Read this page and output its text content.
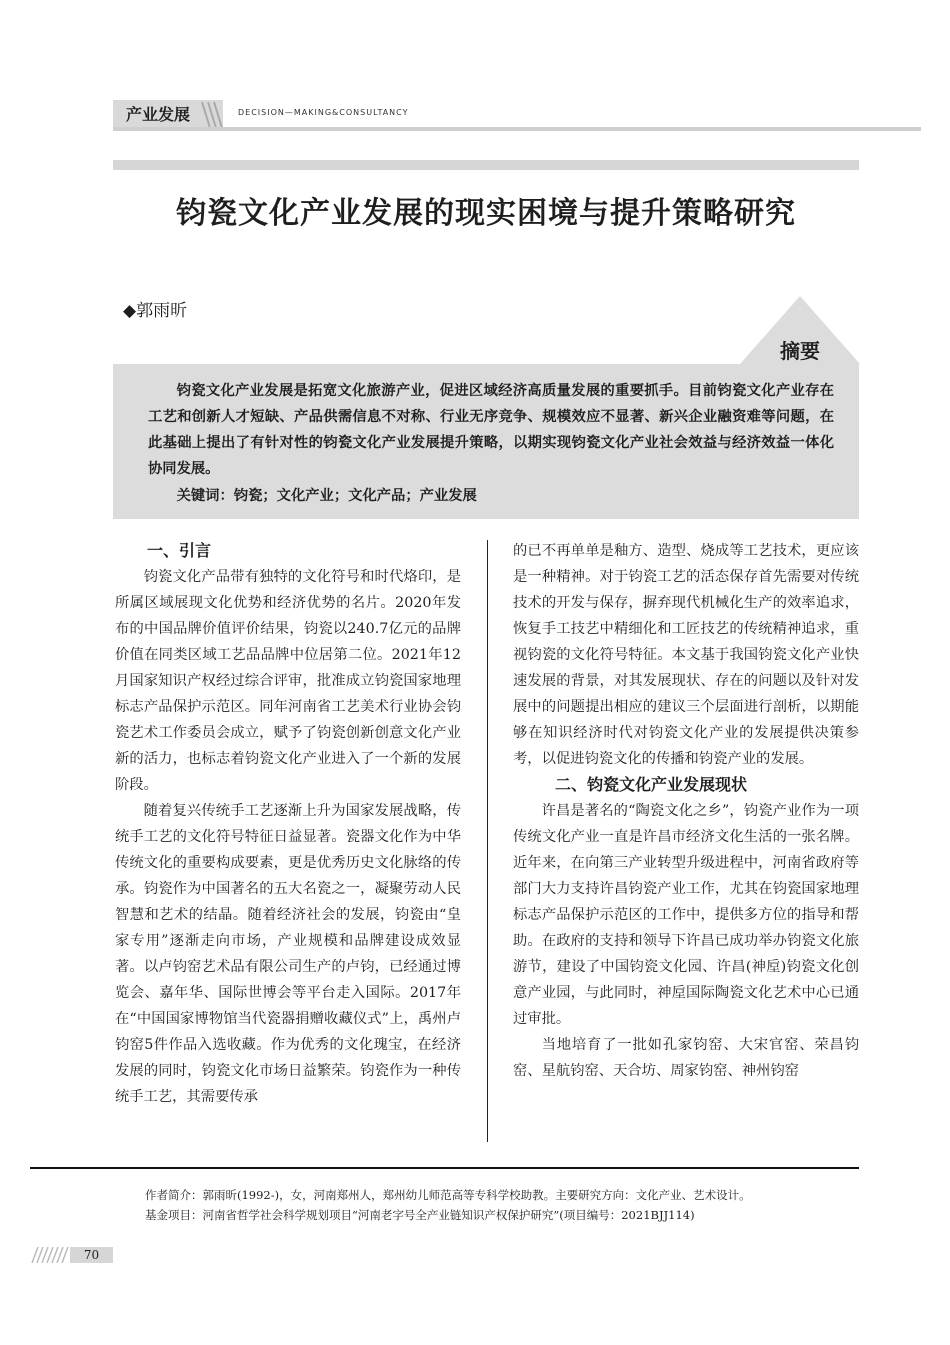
产业发展	DECISION—MAKING&CONSULTANCY
钧瓷文化产业发展的现实困境与提升策略研究
◆郭雨昕
摘要
钧瓷文化产业发展是拓宽文化旅游产业，促进区域经济高质量发展的重要抓手。目前钧瓷文化产业存在工艺和创新人才短缺、产品供需信息不对称、行业无序竞争、规模效应不显著、新兴企业融资难等问题，在此基础上提出了有针对性的钧瓷文化产业发展提升策略，以期实现钧瓷文化产业社会效益与经济效益一体化协同发展。
关键词：钧瓷；文化产业；文化产品；产业发展
一、引言

钧瓷文化产品带有独特的文化符号和时代烙印，是所属区域展现文化优势和经济优势的名片。2020年发布的中国品牌价值评价结果，钧瓷以240.7亿元的品牌价值在同类区域工艺品品牌中位居第二位。2021年12月国家知识产权经过综合评审，批准成立钧瓷国家地理标志产品保护示范区。同年河南省工艺美术行业协会钧瓷艺术工作委员会成立，赋予了钧瓷创新创意文化产业新的活力，也标志着钧瓷文化产业进入了一个新的发展阶段。

随着复兴传统手工艺逐渐上升为国家发展战略，传统手工艺的文化符号特征日益显著。瓷器文化作为中华传统文化的重要构成要素，更是优秀历史文化脉络的传承。钧瓷作为中国著名的五大名瓷之一，凝聚劳动人民智慧和艺术的结晶。随着经济社会的发展，钧瓷由“皇家专用”逐渐走向市场，产业规模和品牌建设成效显著。以卢钧窑艺术品有限公司生产的卢钧，已经通过博览会、嘉年华、国际世博会等平台走入国际。2017年在“中国国家博物馆当代瓷器捐赠收藏仪式”上，禹州卢钧窑5件作品入选收藏。作为优秀的文化瑰宝，在经济发展的同时，钧瓷文化市场日益繁荣。钧瓷作为一种传统手工艺，其需要传承

的已不再单单是釉方、造型、烧成等工艺技术，更应该是一种精神。对于钧瓷工艺的活态保存首先需要对传统技术的开发与保存，摒弃现代机械化生产的效率追求，恢复手工技艺中精细化和工匠技艺的传统精神追求，重视钧瓷的文化符号特征。本文基于我国钧瓷文化产业快速发展的背景，对其发展现状、存在的问题以及针对发展中的问题提出相应的建议三个层面进行剖析，以期能够在知识经济时代对钧瓷文化产业的发展提供决策参考，以促进钧瓷文化的传播和钧瓷产业的发展。

二、钧瓷文化产业发展现状

许昌是著名的“陶瓷文化之乡”，钧瓷产业作为一项传统文化产业一直是许昌市经济文化生活的一张名牌。近年来，在向第三产业转型升级进程中，河南省政府等部门大力支持许昌钧瓷产业工作，尤其在钧瓷国家地理标志产品保护示范区的工作中，提供多方位的指导和帮助。在政府的支持和领导下许昌已成功举办钧瓷文化旅游节，建设了中国钧瓷文化园、许昌(神垕)钧瓷文化创意产业园，与此同时，神垕国际陶瓷文化艺术中心已通过审批。

当地培育了一批如孔家钧窑、大宋官窑、荣昌钧窑、星航钧窑、天合坊、周家钧窑、神州钧窑

作者简介：郭雨昕(1992-)，女，河南郑州人，郑州幼儿师范高等专科学校助教。主要研究方向：文化产业、艺术设计。
基金项目：河南省哲学社会科学规划项目“河南老字号全产业链知识产权保护研究”(项目编号：2021BJJ114)
70
